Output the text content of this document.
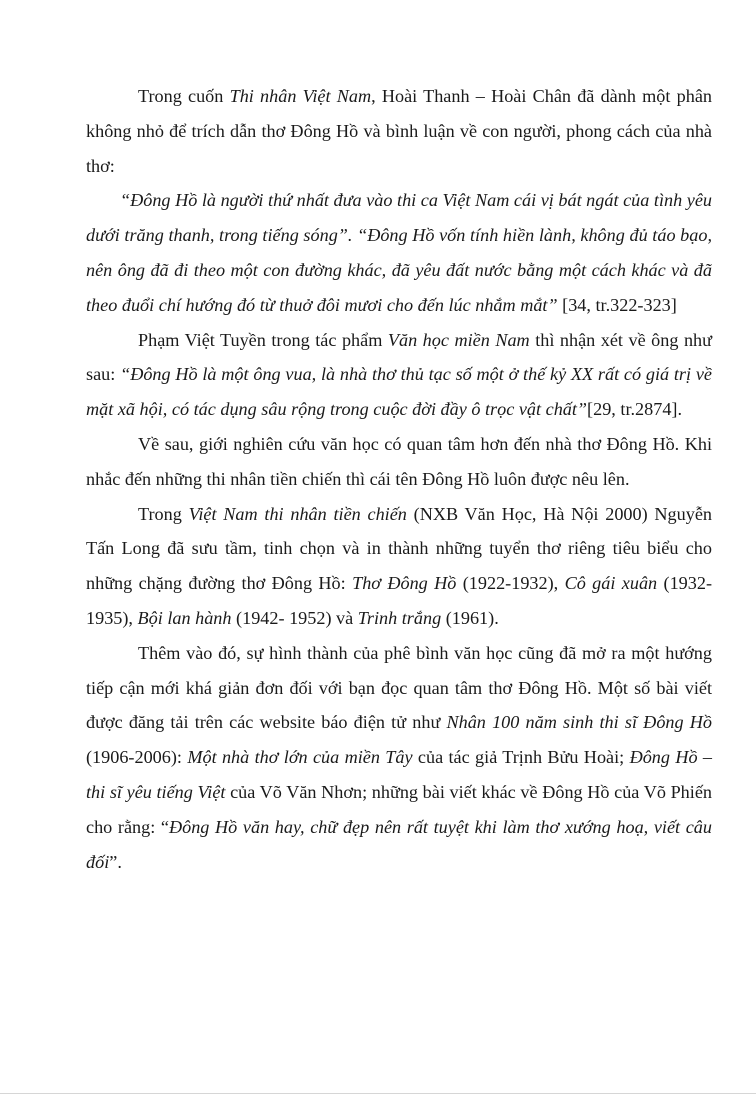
Trong cuốn Thi nhân Việt Nam, Hoài Thanh – Hoài Chân đã dành một phân không nhỏ để trích dẫn thơ Đông Hồ và bình luận về con người, phong cách của nhà thơ:

“Đông Hồ là người thứ nhất đưa vào thi ca Việt Nam cái vị bát ngát của tình yêu dưới trăng thanh, trong tiếng sóng”. “Đông Hồ vốn tính hiền lành, không đủ táo bạo, nên ông đã đi theo một con đường khác, đã yêu đất nước bằng một cách khác và đã theo đuổi chí hướng đó từ thuở đôi mươi cho đến lúc nhắm mắt” [34, tr.322-323]

Phạm Việt Tuyền trong tác phẩm Văn học miền Nam thì nhận xét về ông như sau: “Đông Hồ là một ông vua, là nhà thơ thủ tạc số một ở thế kỷ XX rất có giá trị về mặt xã hội, có tác dụng sâu rộng trong cuộc đời đầy ô trọc vật chất”[29, tr.2874].

Về sau, giới nghiên cứu văn học có quan tâm hơn đến nhà thơ Đông Hồ. Khi nhắc đến những thi nhân tiền chiến thì cái tên Đông Hồ luôn được nêu lên.

Trong Việt Nam thi nhân tiền chiến (NXB Văn Học, Hà Nội 2000) Nguyễn Tấn Long đã sưu tầm, tinh chọn và in thành những tuyển thơ riêng tiêu biểu cho những chặng đường thơ Đông Hồ: Thơ Đông Hồ (1922-1932), Cô gái xuân (1932-1935), Bội lan hành (1942- 1952) và Trinh trắng (1961).

Thêm vào đó, sự hình thành của phê bình văn học cũng đã mở ra một hướng tiếp cận mới khá giản đơn đối với bạn đọc quan tâm thơ Đông Hồ. Một số bài viết được đăng tải trên các website báo điện tử như Nhân 100 năm sinh thi sĩ Đông Hồ (1906-2006): Một nhà thơ lớn của miền Tây của tác giả Trịnh Bửu Hoài; Đông Hồ – thi sĩ yêu tiếng Việt của Võ Văn Nhơn; những bài viết khác về Đông Hồ của Võ Phiến cho rằng: “Đông Hồ văn hay, chữ đẹp nên rất tuyệt khi làm thơ xướng hoạ, viết câu đối”.
